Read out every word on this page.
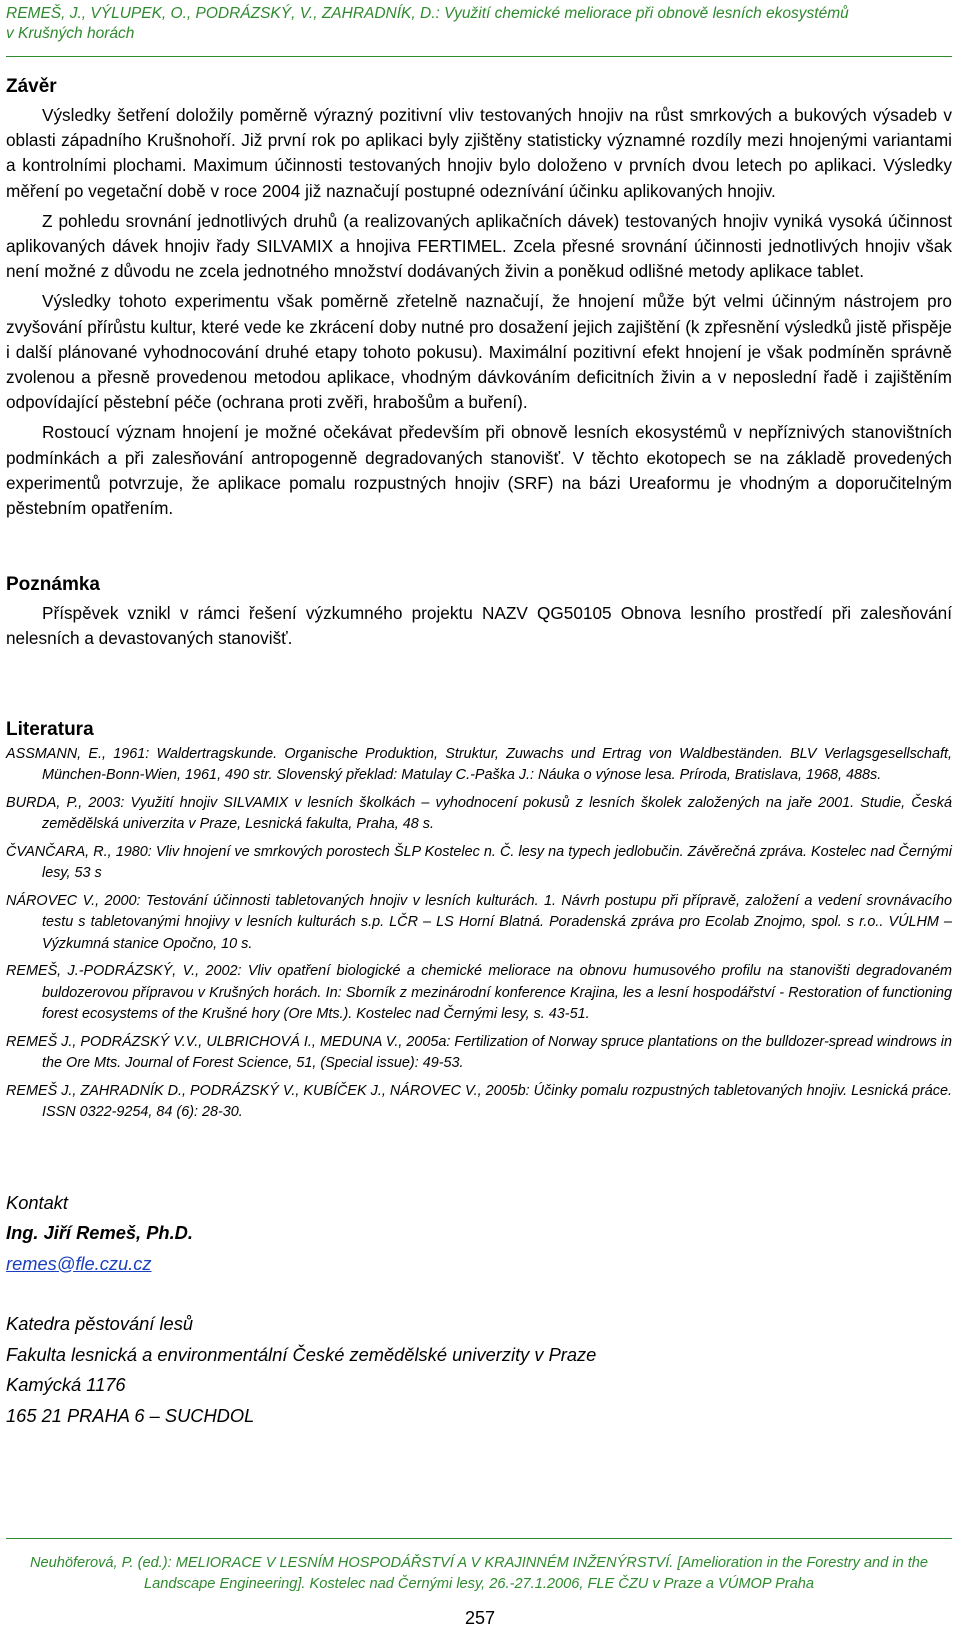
REMEŠ, J., VÝLUPEK, O., PODRÁZSKÝ, V., ZAHRADNÍK, D.: Využití chemické meliorace při obnově lesních ekosystémů
v Krušných horách
Závěr

Výsledky šetření doložily poměrně výrazný pozitivní vliv testovaných hnojiv na růst smrkových a bukových výsadeb v oblasti západního Krušnohoří. Již první rok po aplikaci byly zjištěny statisticky významné rozdíly mezi hnojenými variantami a kontrolními plochami. Maximum účinnosti testovaných hnojiv bylo doloženo v prvních dvou letech po aplikaci. Výsledky měření po vegetační době v roce 2004 již naznačují postupné odeznívání účinku aplikovaných hnojiv.

Z pohledu srovnání jednotlivých druhů (a realizovaných aplikačních dávek) testovaných hnojiv vyniká vysoká účinnost aplikovaných dávek hnojiv řady SILVAMIX a hnojiva FERTIMEL. Zcela přesné srovnání účinnosti jednotlivých hnojiv však není možné z důvodu ne zcela jednotného množství dodávaných živin a poněkud odlišné metody aplikace tablet.

Výsledky tohoto experimentu však poměrně zřetelně naznačují, že hnojení může být velmi účinným nástrojem pro zvyšování přírůstu kultur, které vede ke zkrácení doby nutné pro dosažení jejich zajištění (k zpřesnění výsledků jistě přispěje i další plánované vyhodnocování druhé etapy tohoto pokusu). Maximální pozitivní efekt hnojení je však podmíněn správně zvolenou a přesně provedenou metodou aplikace, vhodným dávkováním deficitních živin a v neposlední řadě i zajištěním odpovídající pěstební péče (ochrana proti zvěři, hrabošům a buření).

Rostoucí význam hnojení je možné očekávat především při obnově lesních ekosystémů v nepříznivých stanovištních podmínkách a při zalesňování antropogenně degradovaných stanovišť. V těchto ekotopech se na základě provedených experimentů potvrzuje, že aplikace pomalu rozpustných hnojiv (SRF) na bázi Ureaformu je vhodným a doporučitelným pěstebním opatřením.

Poznámka

Příspěvek vznikl v rámci řešení výzkumného projektu NAZV QG50105 Obnova lesního prostředí při zalesňování nelesních a devastovaných stanovišť.

Literatura

ASSMANN, E., 1961: Waldertragskunde. Organische Produktion, Struktur, Zuwachs und Ertrag von Waldbeständen. BLV Verlagsgesellschaft, München-Bonn-Wien, 1961, 490 str. Slovenský překlad: Matulay C.-Paška J.: Náuka o výnose lesa. Príroda, Bratislava, 1968, 488s.

BURDA, P., 2003: Využití hnojiv SILVAMIX v lesních školkách – vyhodnocení pokusů z lesních školek založených na jaře 2001. Studie, Česká zemědělská univerzita v Praze, Lesnická fakulta, Praha, 48 s.

ČVANČARA, R., 1980: Vliv hnojení ve smrkových porostech ŠLP Kostelec n. Č. lesy na typech jedlobučin. Závěrečná zpráva. Kostelec nad Černými lesy, 53 s

NÁROVEC V., 2000: Testování účinnosti tabletovaných hnojiv v lesních kulturách. 1. Návrh postupu při přípravě, založení a vedení srovnávacího testu s tabletovanými hnojivy v lesních kulturách s.p. LČR – LS Horní Blatná. Poradenská zpráva pro Ecolab Znojmo, spol. s r.o.. VÚLHM – Výzkumná stanice Opočno, 10 s.

REMEŠ, J.-PODRÁZSKÝ, V., 2002: Vliv opatření biologické a chemické meliorace na obnovu humusového profilu na stanovišti degradovaném buldozerovou přípravou v Krušných horách. In: Sborník z mezinárodní konference Krajina, les a lesní hospodářství - Restoration of functioning forest ecosystems of the Krušné hory (Ore Mts.). Kostelec nad Černými lesy, s. 43-51.

REMEŠ J., PODRÁZSKÝ V.V., ULBRICHOVÁ I., MEDUNA V., 2005a: Fertilization of Norway spruce plantations on the bulldozer-spread windrows in the Ore Mts. Journal of Forest Science, 51, (Special issue): 49-53.

REMEŠ J., ZAHRADNÍK D., PODRÁZSKÝ V., KUBÍČEK J., NÁROVEC V., 2005b: Účinky pomalu rozpustných tabletovaných hnojiv. Lesnická práce. ISSN 0322-9254, 84 (6): 28-30.

Kontakt
Ing. Jiří Remeš, Ph.D.
remes@fle.czu.cz
Katedra pěstování lesů
Fakulta lesnická a environmentální České zemědělské univerzity v Praze
Kamýcká 1176
165 21 PRAHA 6 – SUCHDOL
Neuhöferová, P. (ed.): MELIORACE V LESNÍM HOSPODÁŘSTVÍ A V KRAJINNÉM INŽENÝRSTVÍ. [Amelioration in the Forestry and in the Landscape Engineering]. Kostelec nad Černými lesy, 26.-27.1.2006, FLE ČZU v Praze a VÚMOP Praha
257
